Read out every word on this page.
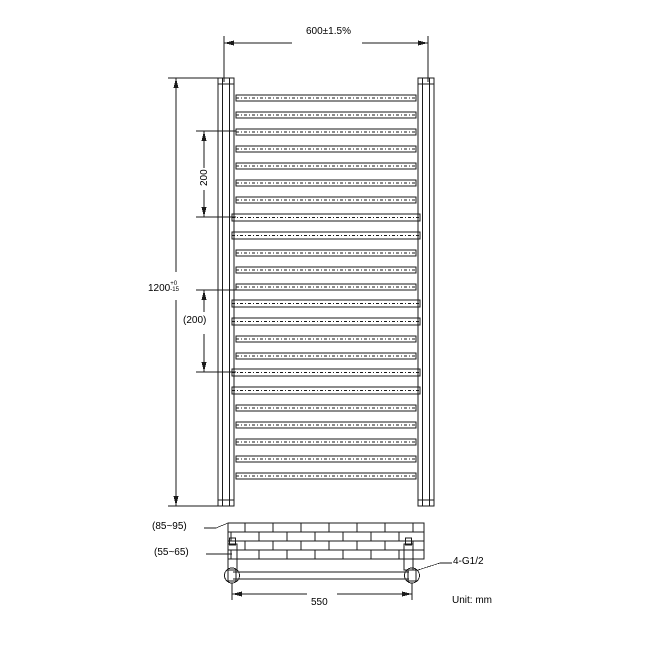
600±1.5%
1200 +0
-15
200
(200)
(85~95)
(55~65)
4-G1/2
550	Unit: mm
